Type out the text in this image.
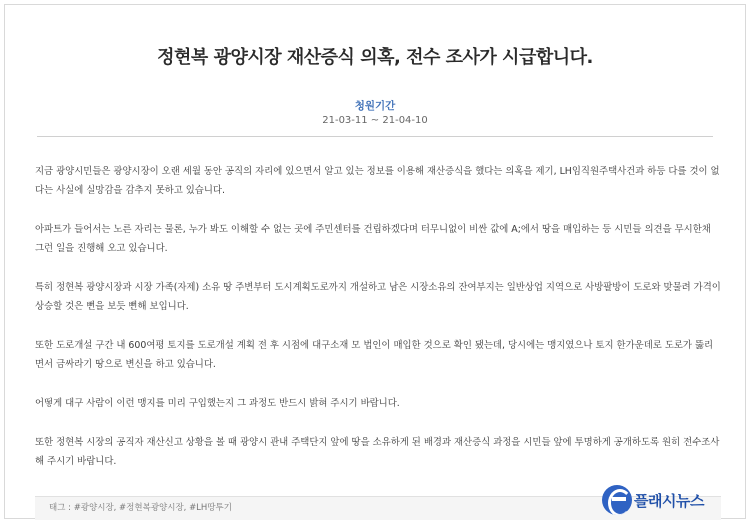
정현복 광양시장 재산증식 의혹, 전수 조사가 시급합니다.
청원기간
21-03-11 ~ 21-04-10

지금 광양시민들은 광양시장이 오랜 세월 동안 공직의 자리에 있으면서 알고 있는 정보를 이용해 재산증식을 했다는 의혹을 제기, LH임직원주택사건과 하등 다를 것이 없다는 사실에 실망감을 감추지 못하고 있습니다.

아파트가 들어서는 노른 자리는 물론, 누가 봐도 이해할 수 없는 곳에 주민센터를 건립하겠다며 터무니없이 비싼 값에 A;에서 땅을 매입하는 등 시민들 의견을 무시한채 그런 일을 진행해 오고 있습니다.

특히 정현복 광양시장과 시장 가족(자제) 소유 땅 주변부터 도시계획도로까지 개설하고 남은 시장소유의 잔여부지는 일반상업 지역으로 사방팔방이 도로와 맞물려 가격이 상승할 것은 뻔을 보듯 뻔해 보입니다.

또한 도로개설 구간 내 600여평 토지를 도로개설 계획 전 후 시점에 대구소재 모 법인이 매입한 것으로 확인 됐는데, 당시에는 맹지였으나 토지 한가운데로 도로가 뚫리면서 금싸라기 땅으로 변신을 하고 있습니다.

어떻게 대구 사람이 이런 맹지를 미리 구입했는지 그 과정도 반드시 밝혀 주시기 바랍니다.

또한 정현복 시장의 공직자 재산신고 상황을 볼 때 광양시 관내 주택단지 앞에 땅을 소유하게 된 배경과 재산증식 과정을 시민들 앞에 투명하게 공개하도록 원히 전수조사 해 주시기 바랍니다.

태그 : #광양시장, #정현복광양시장, #LH땅투기	플래시뉴스
